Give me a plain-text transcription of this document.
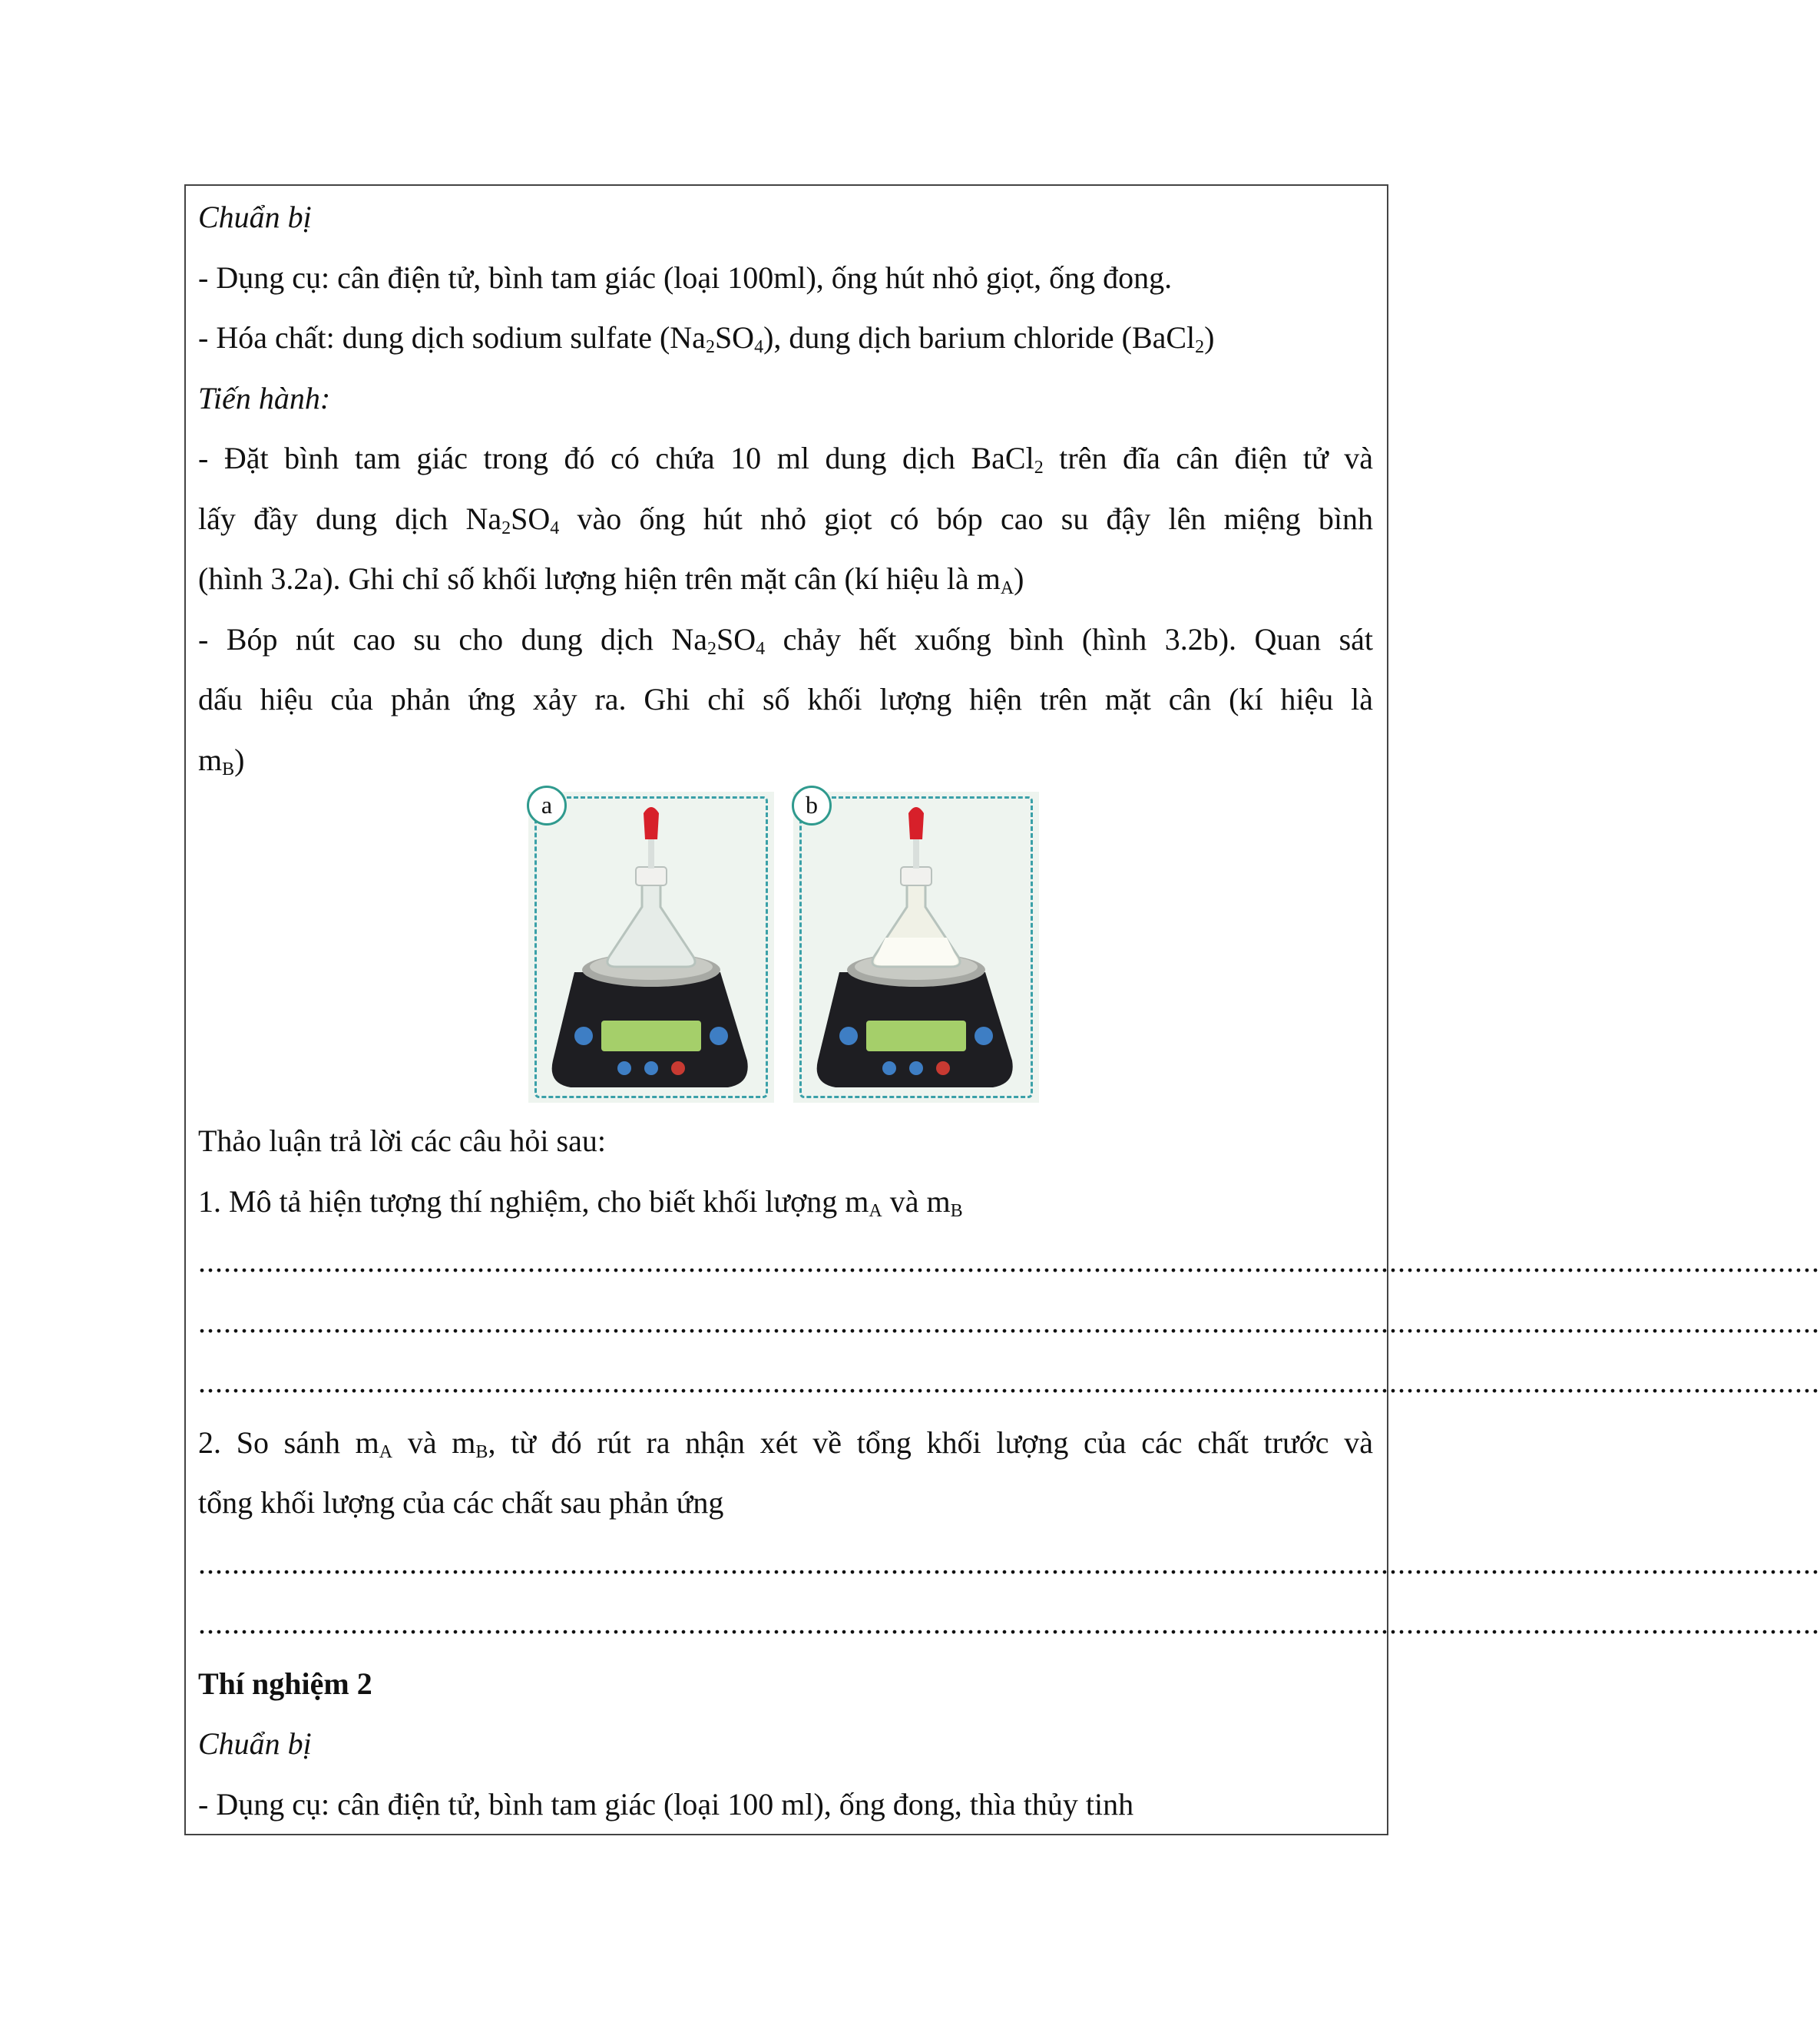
Chuẩn bị
- Dụng cụ: cân điện tử, bình tam giác (loại 100ml), ống hút nhỏ giọt, ống đong.
- Hóa chất: dung dịch sodium sulfate $(Na_2SO_4)$, dung dịch barium chloride (BaCl$_2$)
Tiến hành:
- Đặt bình tam giác trong đó có chứa 10 ml dung dịch BaCl$_2$ trên đĩa cân điện tử và
lấy đầy dung dịch $Na_2SO_4$ vào ống hút nhỏ giọt có bóp cao su đậy lên miệng bình
(hình 3.2a). Ghi chỉ số khối lượng hiện trên mặt cân (kí hiệu là $m_A$)
- Bóp nút cao su cho dung dịch $Na_2SO_4$ chảy hết xuống bình (hình 3.2b). Quan sát
dấu hiệu của phản ứng xảy ra. Ghi chỉ số khối lượng hiện trên mặt cân (kí hiệu là
$m_B$)
a	b
Thảo luận trả lời các câu hỏi sau:
1. Mô tả hiện tượng thí nghiệm, cho biết khối lượng $m_A$ và $m_B$
................................................................................................................................................................................................
................................................................................................................................................................................................
................................................................................................................................................................................................
2. So sánh $m_A$ và $m_B$, từ đó rút ra nhận xét về tổng khối lượng của các chất trước và
tổng khối lượng của các chất sau phản ứng
................................................................................................................................................................................................
................................................................................................................................................................................................
Thí nghiệm 2
Chuẩn bị
- Dụng cụ: cân điện tử, bình tam giác (loại 100 ml), ống đong, thìa thủy tinh
